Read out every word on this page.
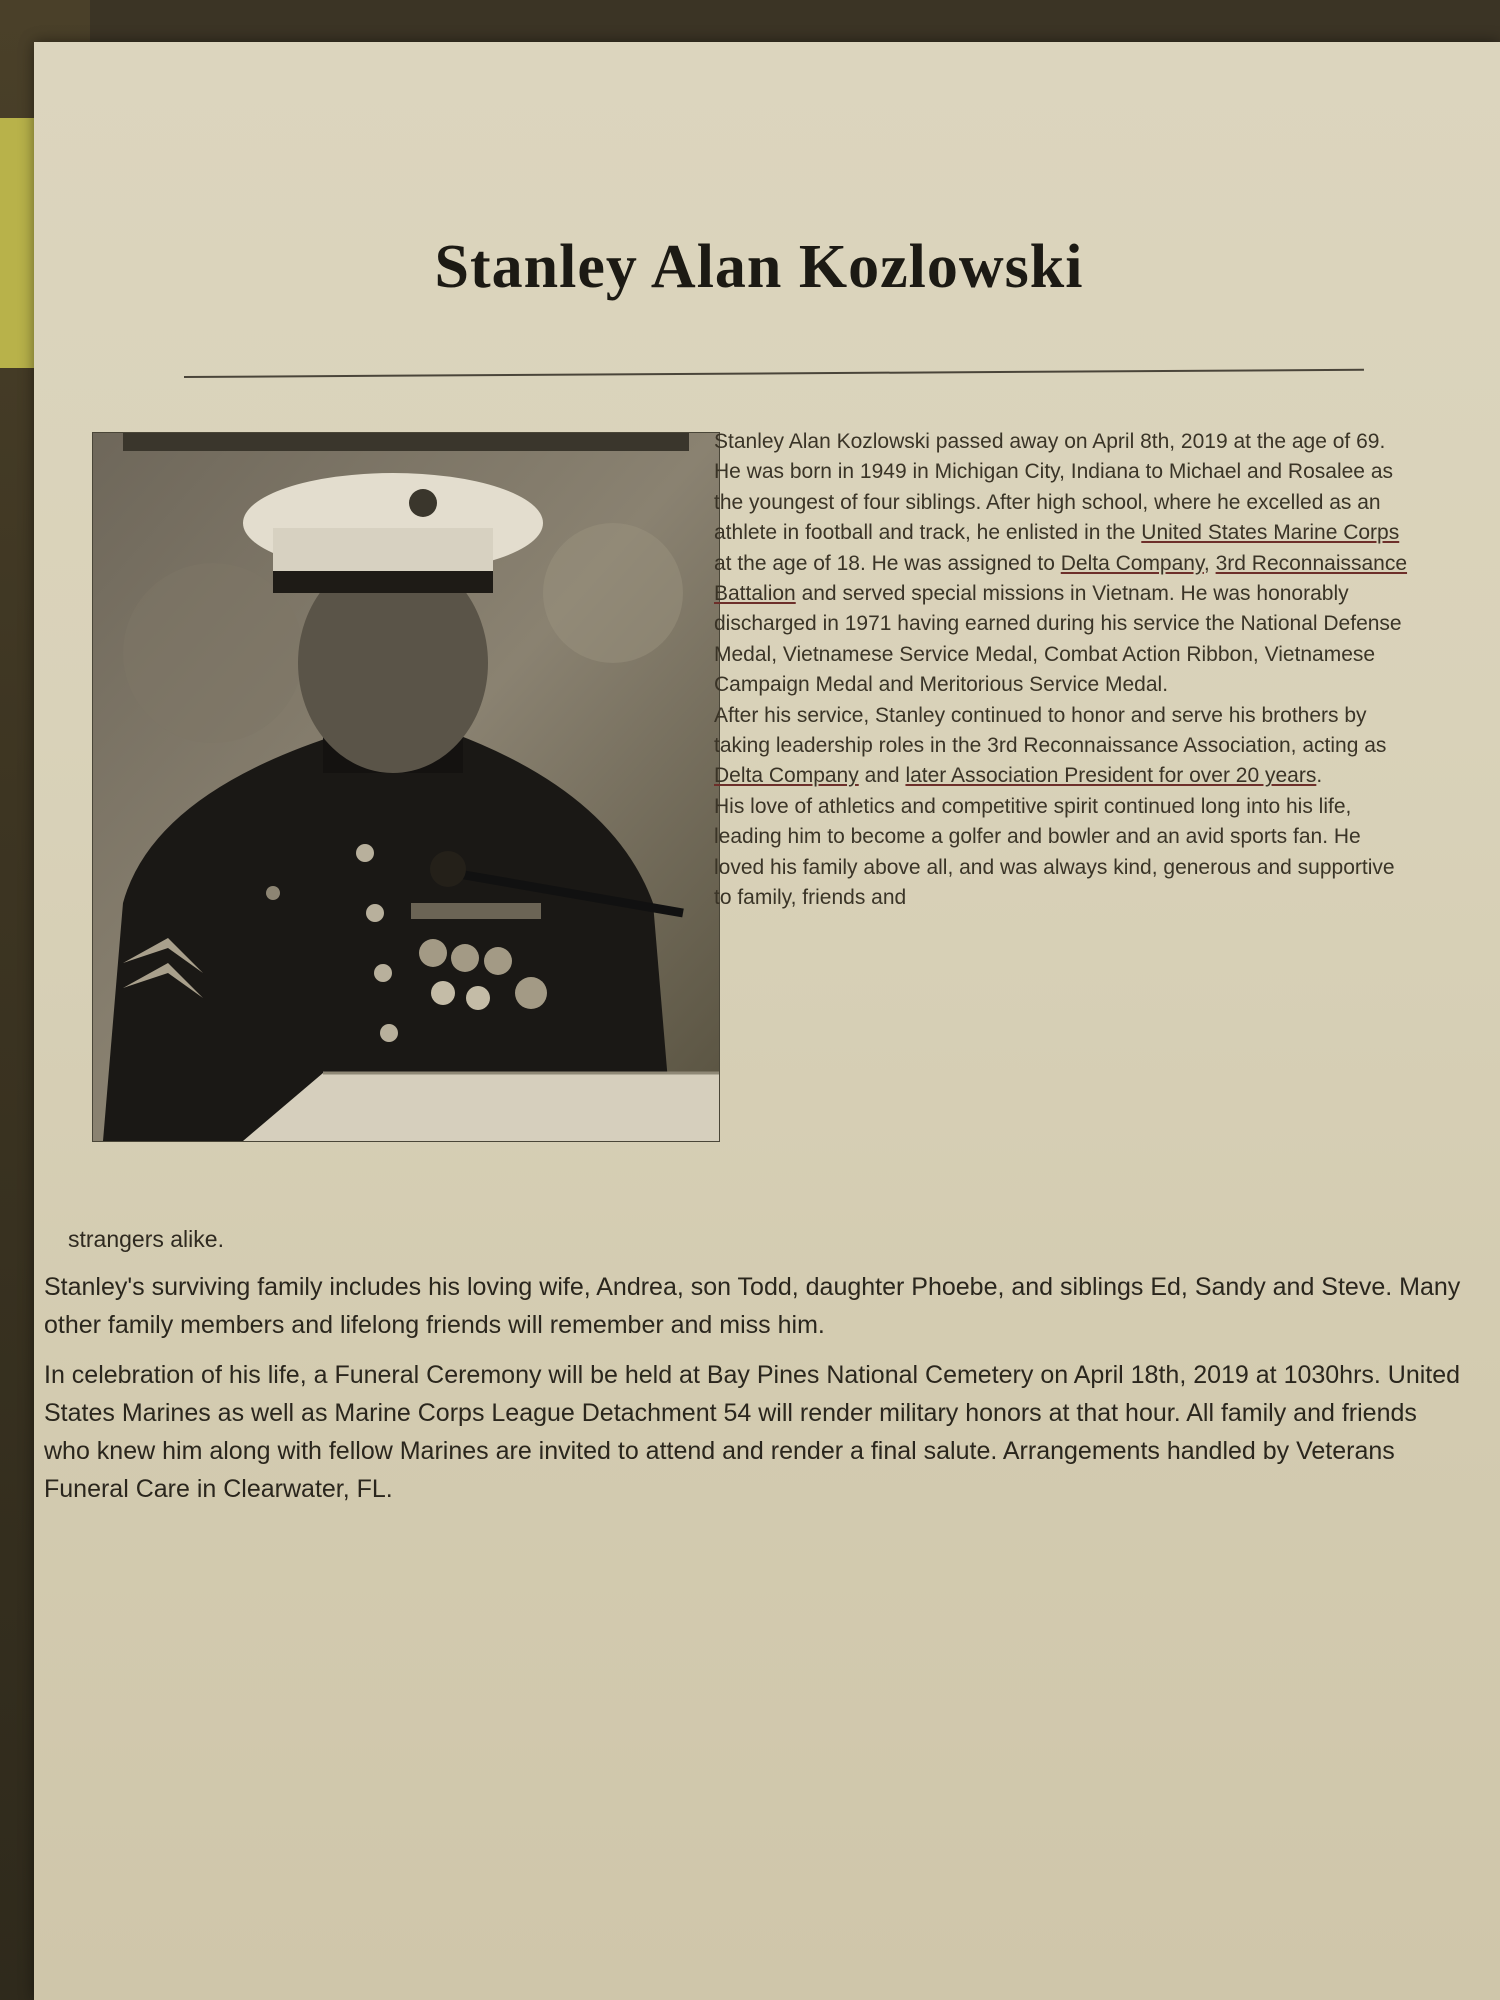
Stanley Alan Kozlowski

Stanley Alan Kozlowski passed away on April 8th, 2019 at the age of 69. He was born in 1949 in Michigan City, Indiana to Michael and Rosalee as the youngest of four siblings. After high school, where he excelled as an athlete in football and track, he enlisted in the United States Marine Corps at the age of 18. He was assigned to Delta Company, 3rd Reconnaissance Battalion and served special missions in Vietnam. He was honorably discharged in 1971 having earned during his service the National Defense Medal, Vietnamese Service Medal, Combat Action Ribbon, Vietnamese Campaign Medal and Meritorious Service Medal.

After his service, Stanley continued to honor and serve his brothers by taking leadership roles in the 3rd Reconnaissance Association, acting as Delta Company and later Association President for over 20 years.

His love of athletics and competitive spirit continued long into his life, leading him to become a golfer and bowler and an avid sports fan. He loved his family above all, and was always kind, generous and supportive to family, friends and

strangers alike.

Stanley's surviving family includes his loving wife, Andrea, son Todd, daughter Phoebe, and siblings Ed, Sandy and Steve. Many other family members and lifelong friends will remember and miss him.

In celebration of his life, a Funeral Ceremony will be held at Bay Pines National Cemetery on April 18th, 2019 at 1030hrs. United States Marines as well as Marine Corps League Detachment 54 will render military honors at that hour. All family and friends who knew him along with fellow Marines are invited to attend and render a final salute. Arrangements handled by Veterans Funeral Care in Clearwater, FL.
